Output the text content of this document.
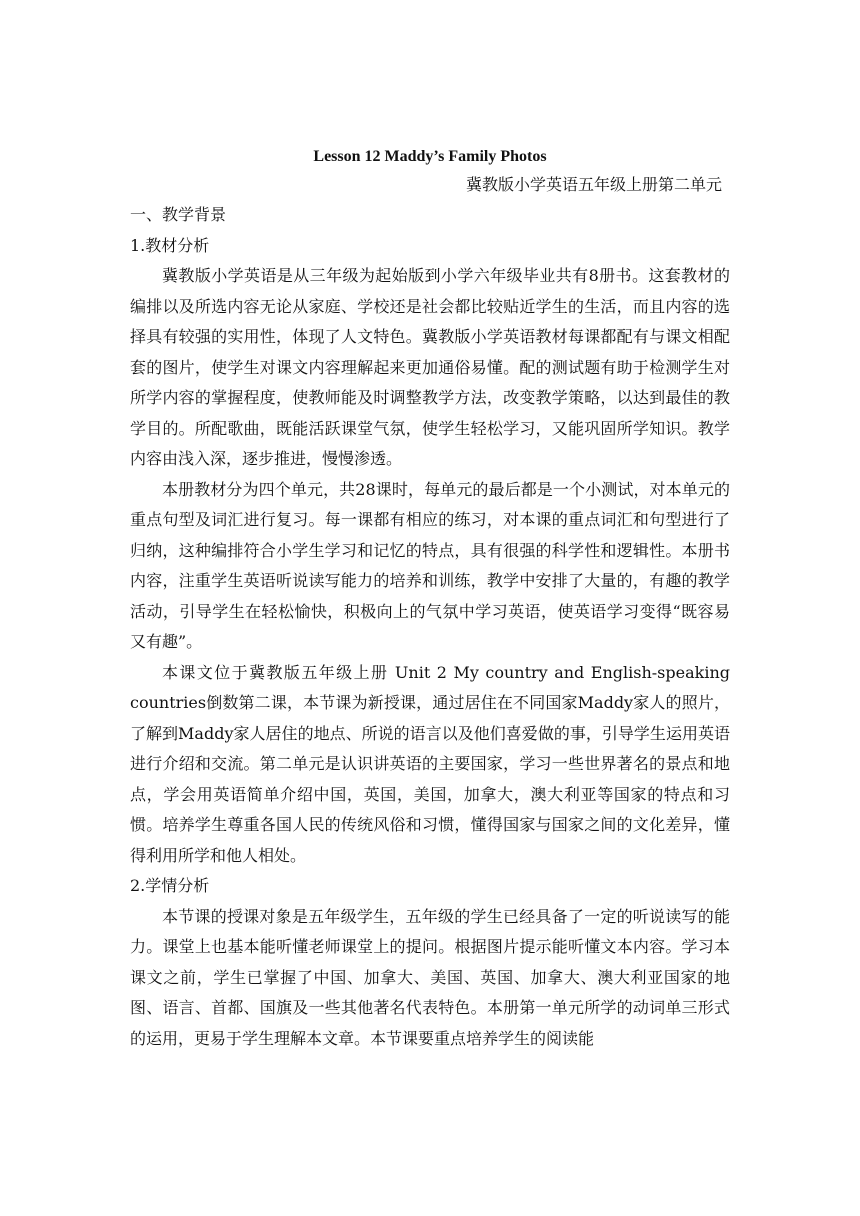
Lesson 12 Maddy’s Family Photos

冀教版小学英语五年级上册第二单元

一、教学背景

1.教材分析

冀教版小学英语是从三年级为起始版到小学六年级毕业共有8册书。这套教材的编排以及所选内容无论从家庭、学校还是社会都比较贴近学生的生活，而且内容的选择具有较强的实用性，体现了人文特色。冀教版小学英语教材每课都配有与课文相配套的图片，使学生对课文内容理解起来更加通俗易懂。配的测试题有助于检测学生对所学内容的掌握程度，使教师能及时调整教学方法，改变教学策略，以达到最佳的教学目的。所配歌曲，既能活跃课堂气氛，使学生轻松学习，又能巩固所学知识。教学内容由浅入深，逐步推进，慢慢渗透。

本册教材分为四个单元，共28课时，每单元的最后都是一个小测试，对本单元的重点句型及词汇进行复习。每一课都有相应的练习，对本课的重点词汇和句型进行了归纳，这种编排符合小学生学习和记忆的特点，具有很强的科学性和逻辑性。本册书内容，注重学生英语听说读写能力的培养和训练，教学中安排了大量的，有趣的教学活动，引导学生在轻松愉快，积极向上的气氛中学习英语，使英语学习变得“既容易又有趣”。

本课文位于冀教版五年级上册 Unit 2 My country and English-speaking countries倒数第二课，本节课为新授课，通过居住在不同国家Maddy家人的照片，了解到Maddy家人居住的地点、所说的语言以及他们喜爱做的事，引导学生运用英语进行介绍和交流。第二单元是认识讲英语的主要国家，学习一些世界著名的景点和地点，学会用英语简单介绍中国，英国，美国，加拿大，澳大利亚等国家的特点和习惯。培养学生尊重各国人民的传统风俗和习惯，懂得国家与国家之间的文化差异，懂得利用所学和他人相处。

2.学情分析

本节课的授课对象是五年级学生，五年级的学生已经具备了一定的听说读写的能力。课堂上也基本能听懂老师课堂上的提问。根据图片提示能听懂文本内容。学习本课文之前，学生已掌握了中国、加拿大、美国、英国、加拿大、澳大利亚国家的地图、语言、首都、国旗及一些其他著名代表特色。本册第一单元所学的动词单三形式的运用，更易于学生理解本文章。本节课要重点培养学生的阅读能
